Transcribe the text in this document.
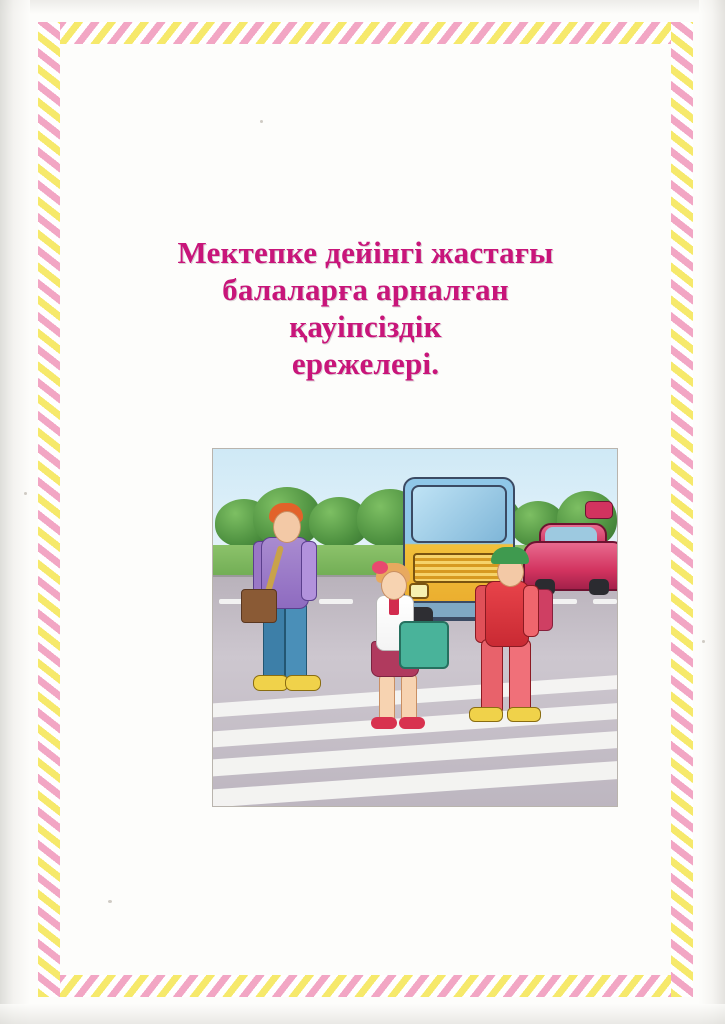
Мектепке дейінгі жастағы
балаларға арналған
қауіпсіздік
ережелері.
